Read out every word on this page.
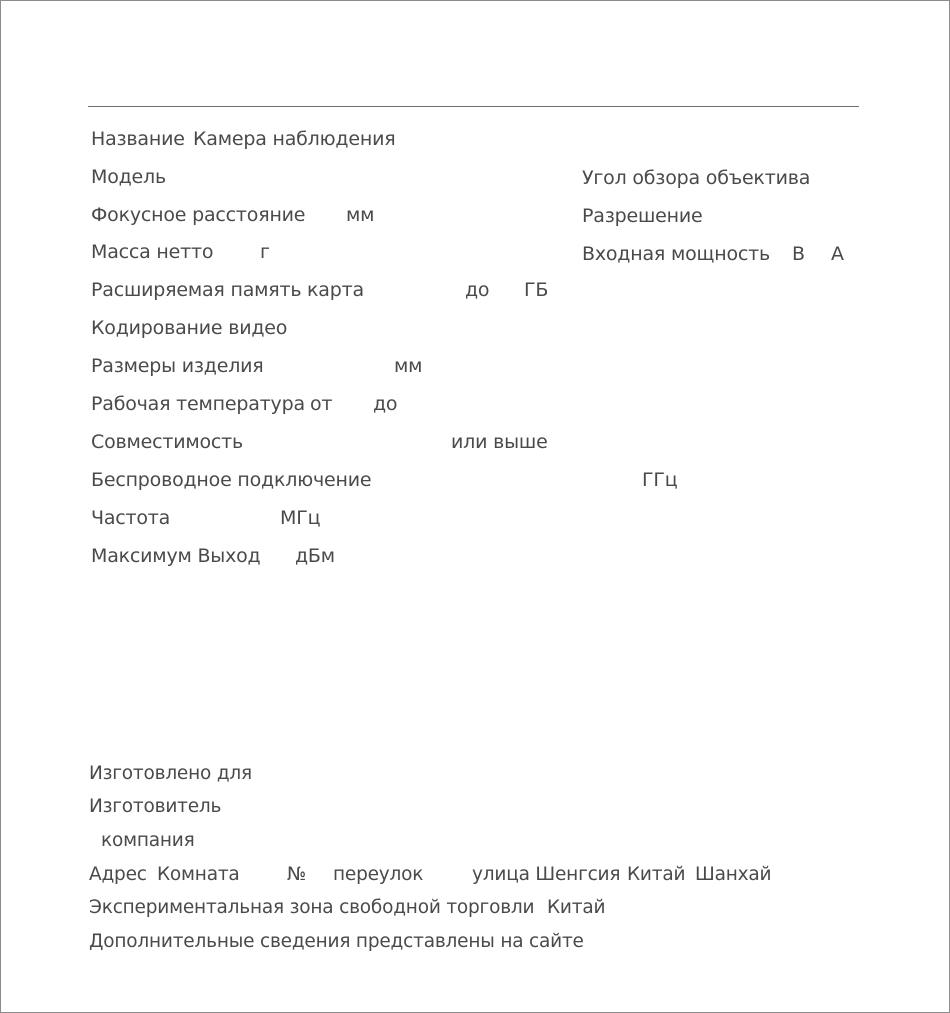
Название Камера наблюдения
Модель
Фокусное расстояние мм
Масса нетто г
Расширяемая память карта	до ГБ
Кодирование видео
Размеры изделия	мм
Рабочая температура от до
Совместимость	или выше
Беспроводное подключение	ГГц
Частота	МГц
Максимум Выход дБм
Угол обзора объектива
Разрешение
Входная мощность В А
Изготовлено для
Изготовитель
компания
Адрес Комната	№ переулок	улица Шенгсия Китай Шанхай
Экспериментальная зона свободной торговли Китай
Дополнительные сведения представлены на сайте
